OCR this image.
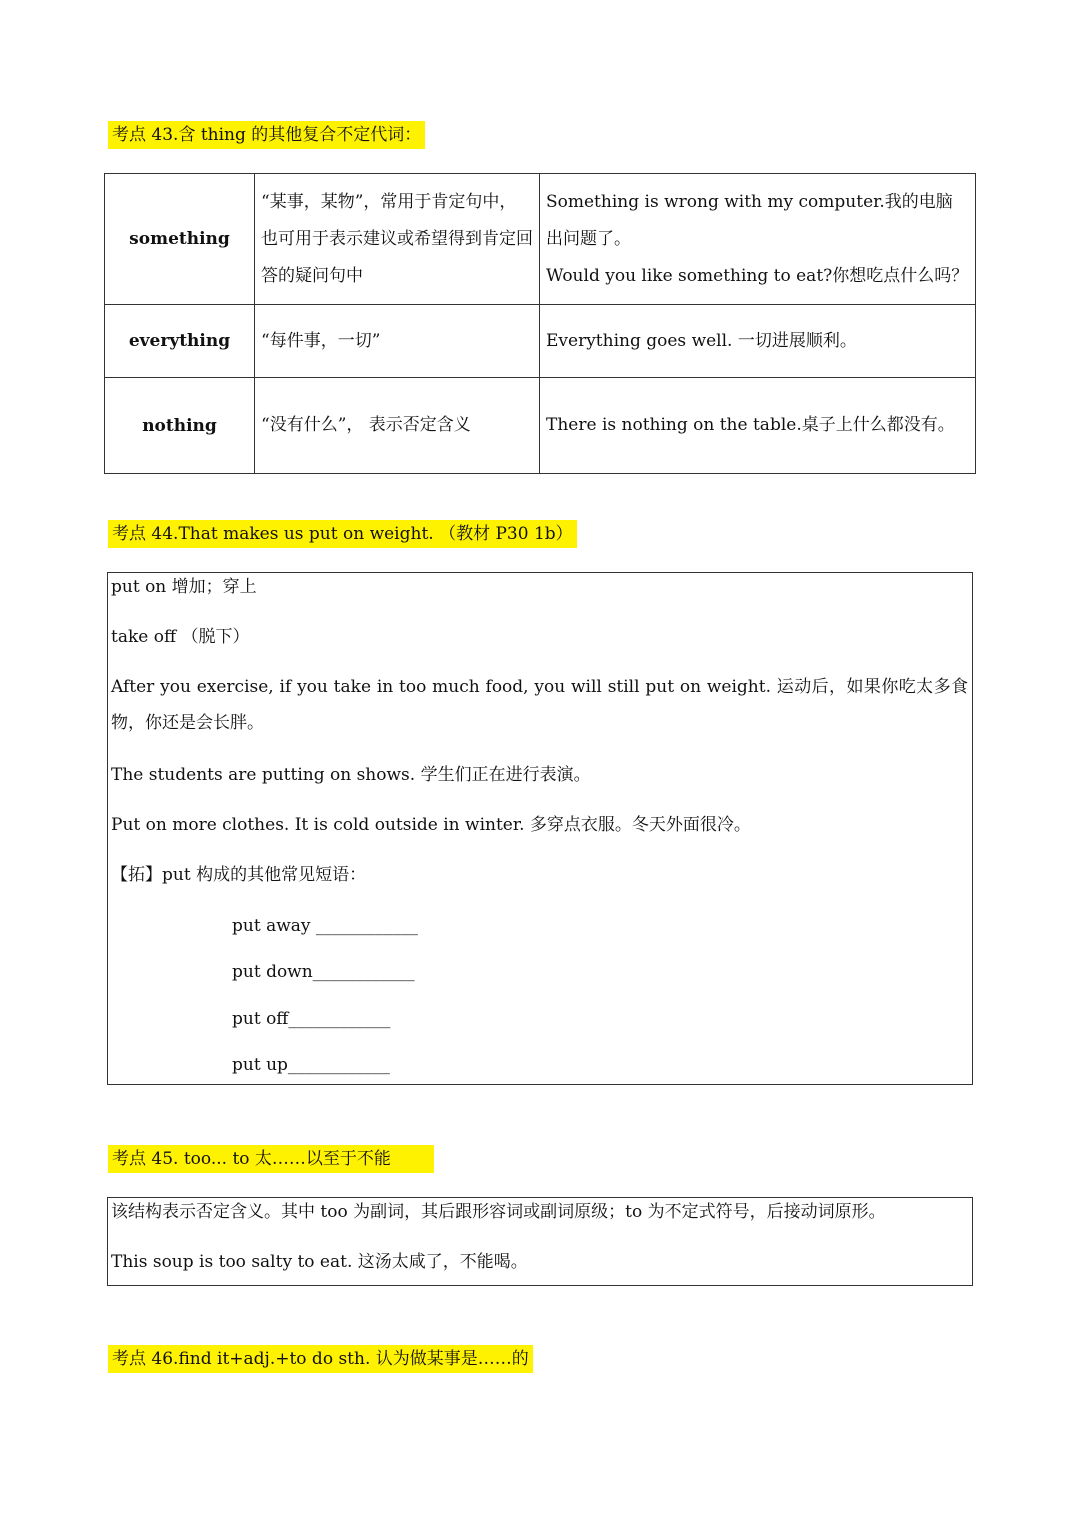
考点 43.含 thing 的其他复合不定代词：
something	“某事，某物”，常用于肯定句中，也可用于表示建议或希望得到肯定回答的疑问句中	Something is wrong with my computer.我的电脑出问题了。
Would you like something to eat?你想吃点什么吗？

everything	“每件事，一切”	Everything goes well. 一切进展顺利。

nothing	“没有什么”， 表示否定含义	There is nothing on the table.桌子上什么都没有。
考点 44.That makes us put on weight. （教材 P30 1b）
put on 增加；穿上
take off （脱下）
After you exercise, if you take in too much food, you will still put on weight. 运动后，如果你吃太多食物，你还是会长胖。
The students are putting on shows. 学生们正在进行表演。
Put on more clothes. It is cold outside in winter. 多穿点衣服。冬天外面很冷。
【拓】put 构成的其他常见短语：
put away ____________
put down____________
put off____________
put up____________
考点 45. too... to 太……以至于不能
该结构表示否定含义。其中 too 为副词，其后跟形容词或副词原级；to 为不定式符号，后接动词原形。
This soup is too salty to eat. 这汤太咸了，不能喝。
考点 46.find it+adj.+to do sth. 认为做某事是……的
